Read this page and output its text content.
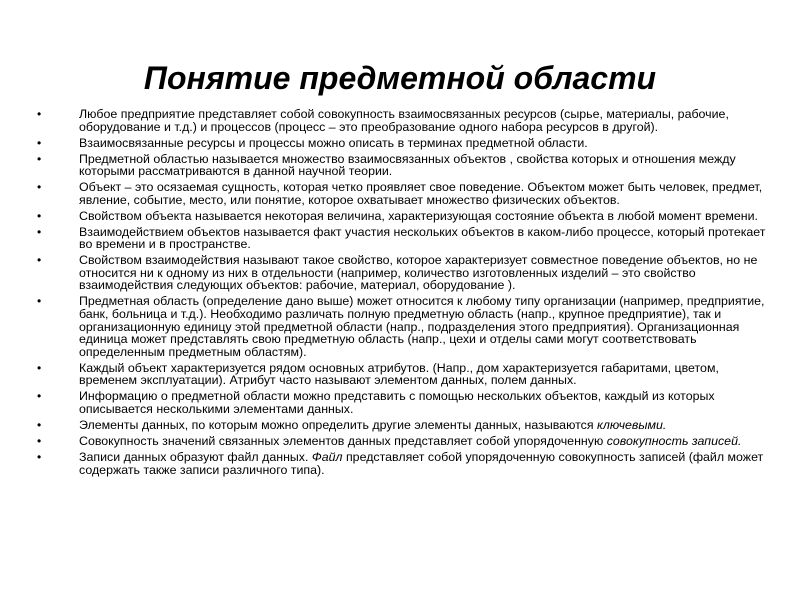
Понятие предметной области
•	Любое предприятие представляет собой совокупность взаимосвязанных ресурсов (сырье, материалы, рабочие, оборудование и т.д.) и процессов (процесс – это преобразование одного набора ресурсов в другой).
•	Взаимосвязанные ресурсы и процессы можно описать в терминах предметной области.
•	Предметной областью называется множество взаимосвязанных объектов , свойства которых и отношения между которыми рассматриваются в данной научной теории.
•	Объект – это осязаемая сущность, которая четко проявляет свое поведение. Объектом может быть человек, предмет, явление, событие, место, или понятие, которое охватывает множество физических объектов.
•	Свойством объекта называется некоторая величина, характеризующая состояние объекта в любой момент времени.
•	Взаимодействием объектов называется факт участия нескольких объектов в каком-либо процессе, который протекает во времени и в пространстве.
•	Свойством взаимодействия называют такое свойство, которое характеризует совместное поведение объектов, но не относится ни к одному из них в отдельности (например, количество изготовленных изделий – это свойство взаимодействия следующих объектов: рабочие, материал, оборудование ).
•	Предметная область (определение дано выше) может относится к любому типу организации (например, предприятие, банк, больница и т.д.). Необходимо различать полную предметную область (напр., крупное предприятие), так и организационную единицу этой предметной области (напр., подразделения этого предприятия). Организационная единица может представлять свою предметную область (напр., цехи и отделы сами могут соответствовать определенным предметным областям).
•	Каждый объект характеризуется рядом основных атрибутов. (Напр., дом характеризуется габаритами, цветом, временем эксплуатации). Атрибут часто называют элементом данных, полем данных.
•	Информацию о предметной области можно представить с помощью нескольких объектов, каждый из которых описывается несколькими элементами данных.
•	Элементы данных, по которым можно определить другие элементы данных, называются ключевыми.
•	Совокупность значений связанных элементов данных представляет собой упорядоченную совокупность записей.
•	Записи данных образуют файл данных. Файл представляет собой упорядоченную совокупность записей (файл может содержать также записи различного типа).
